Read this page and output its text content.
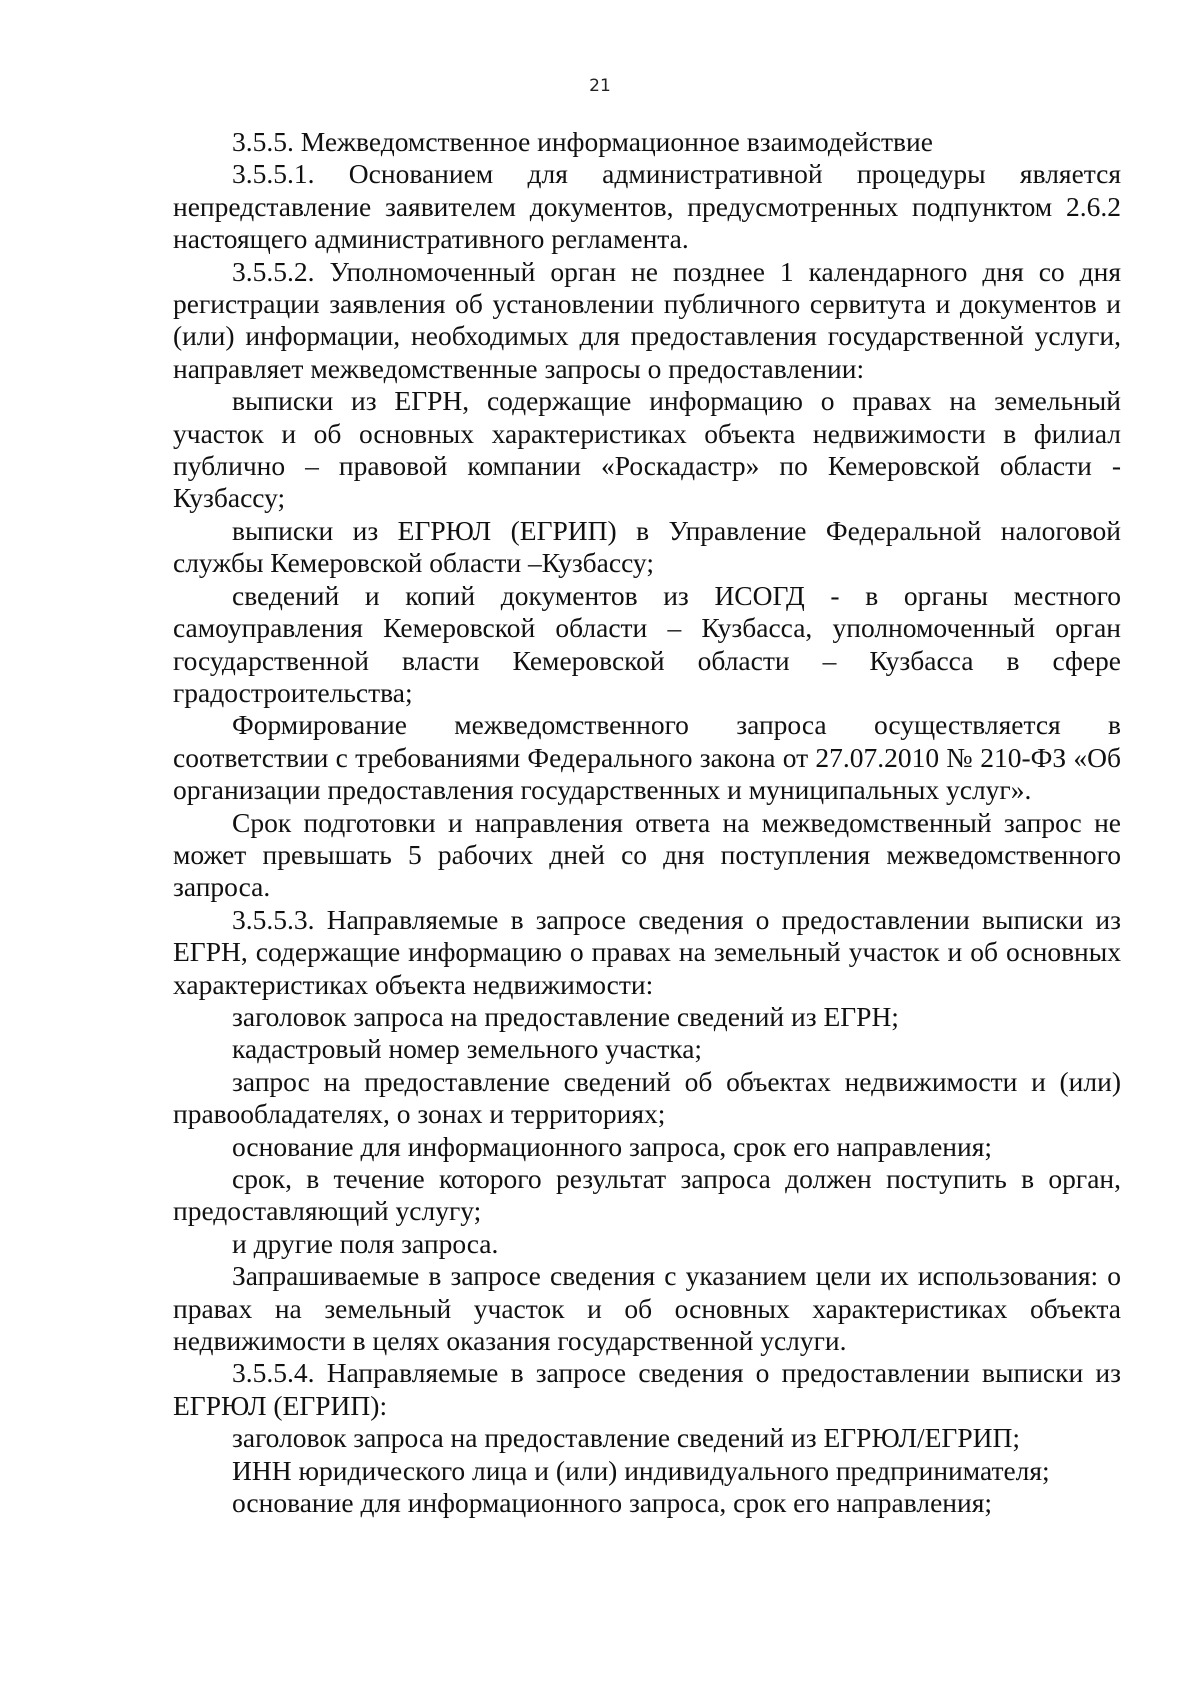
21

3.5.5. Межведомственное информационное взаимодействие

3.5.5.1. Основанием для административной процедуры является непредставление заявителем документов, предусмотренных подпунктом 2.6.2 настоящего административного регламента.

3.5.5.2. Уполномоченный орган не позднее 1 календарного дня со дня регистрации заявления об установлении публичного сервитута и документов и (или) информации, необходимых для предоставления государственной услуги, направляет межведомственные запросы о предоставлении:

выписки из ЕГРН, содержащие информацию о правах на земельный участок и об основных характеристиках объекта недвижимости в филиал публично – правовой компании «Роскадастр» по Кемеровской области - Кузбассу;

выписки из ЕГРЮЛ (ЕГРИП) в Управление Федеральной налоговой службы Кемеровской области –Кузбассу;

сведений и копий документов из ИСОГД - в органы местного самоуправления Кемеровской области – Кузбасса, уполномоченный орган государственной власти Кемеровской области – Кузбасса в сфере градостроительства;

Формирование межведомственного запроса осуществляется в соответствии с требованиями Федерального закона от 27.07.2010 № 210-ФЗ «Об организации предоставления государственных и муниципальных услуг».

Срок подготовки и направления ответа на межведомственный запрос не может превышать 5 рабочих дней со дня поступления межведомственного запроса.

3.5.5.3. Направляемые в запросе сведения о предоставлении выписки из ЕГРН, содержащие информацию о правах на земельный участок и об основных характеристиках объекта недвижимости:

заголовок запроса на предоставление сведений из ЕГРН;

кадастровый номер земельного участка;

запрос на предоставление сведений об объектах недвижимости и (или) правообладателях, о зонах и территориях;

основание для информационного запроса, срок его направления;

срок, в течение которого результат запроса должен поступить в орган, предоставляющий услугу;

и другие поля запроса.

Запрашиваемые в запросе сведения с указанием цели их использования: о правах на земельный участок и об основных характеристиках объекта недвижимости в целях оказания государственной услуги.

3.5.5.4. Направляемые в запросе сведения о предоставлении выписки из ЕГРЮЛ (ЕГРИП):

заголовок запроса на предоставление сведений из ЕГРЮЛ/ЕГРИП;

ИНН юридического лица и (или) индивидуального предпринимателя;

основание для информационного запроса, срок его направления;
